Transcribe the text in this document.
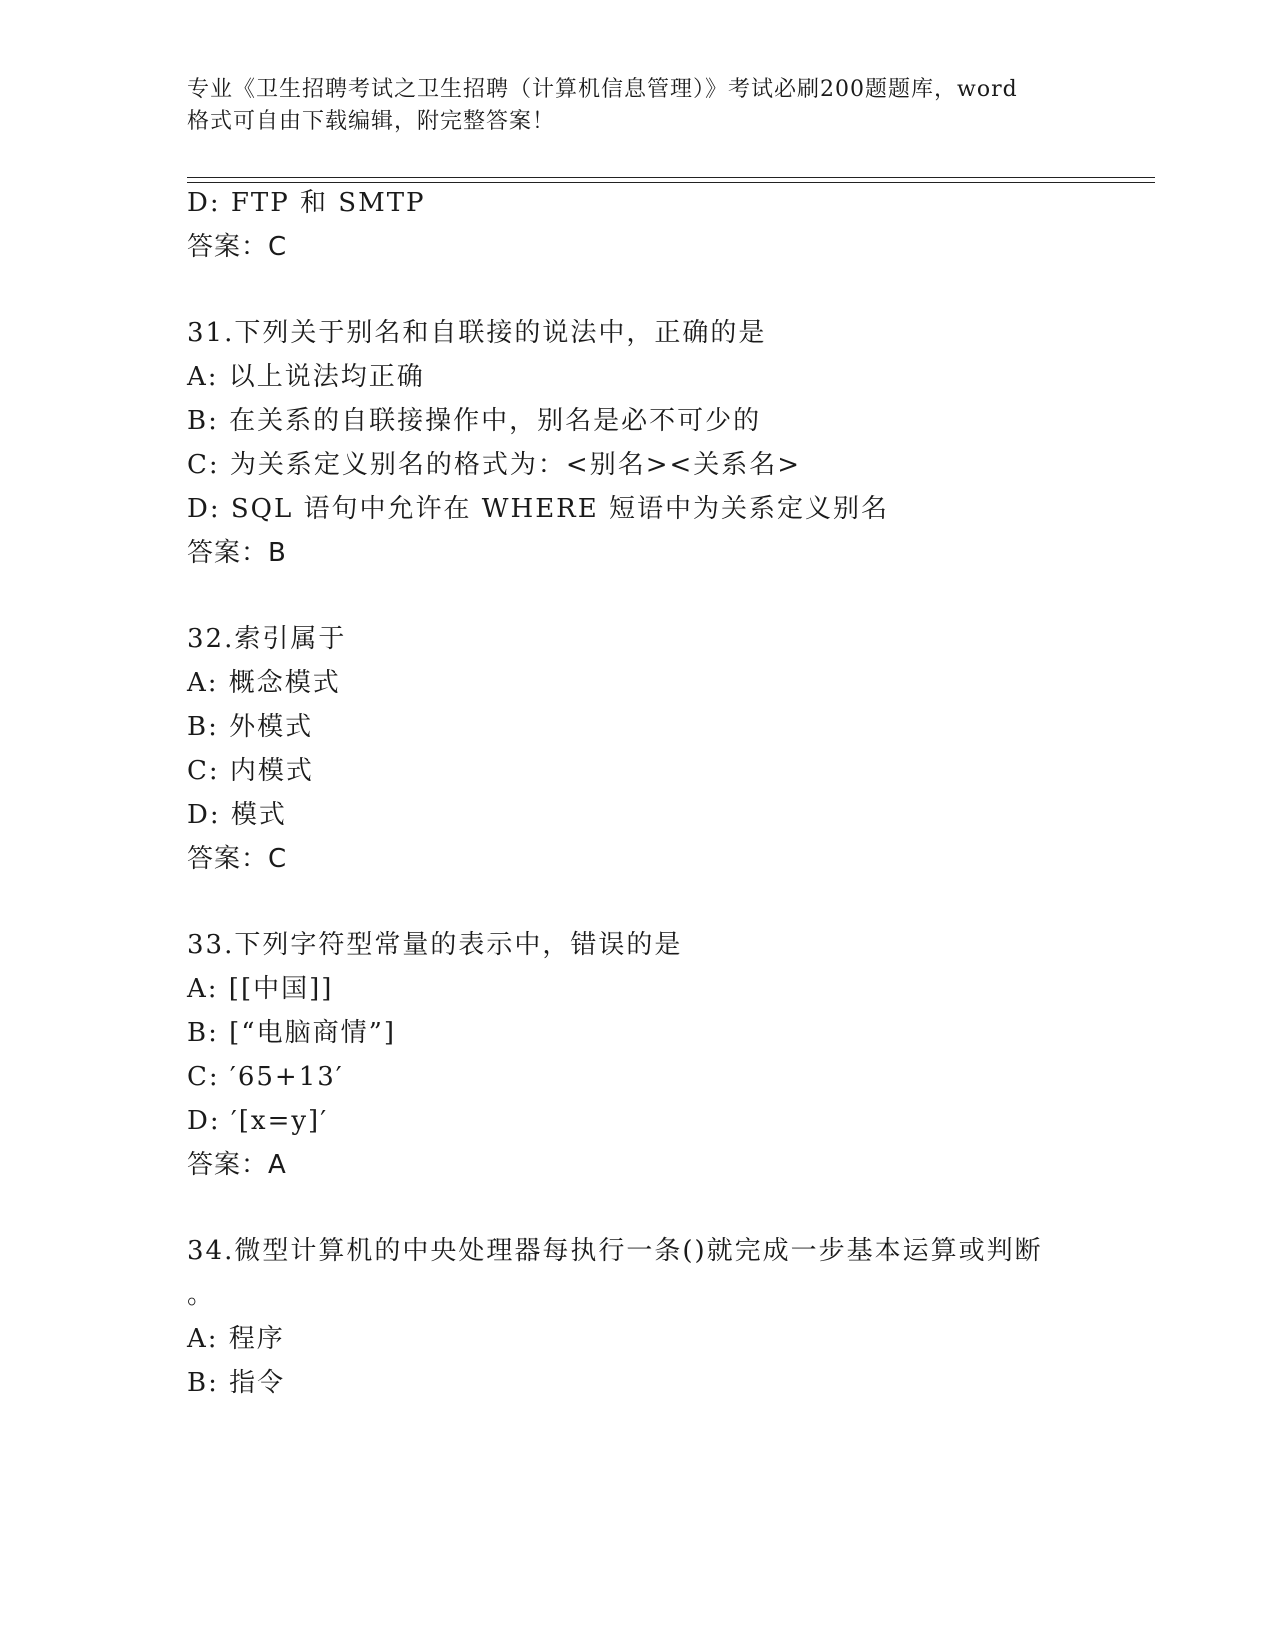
专业《卫生招聘考试之卫生招聘（计算机信息管理）》考试必刷200题题库，word
格式可自由下载编辑，附完整答案！
D: FTP 和 SMTP
答案：C
31.下列关于别名和自联接的说法中，正确的是
A: 以上说法均正确
B: 在关系的自联接操作中，别名是必不可少的
C: 为关系定义别名的格式为：<别名><关系名>
D: SQL 语句中允许在 WHERE 短语中为关系定义别名
答案：B
32.索引属于
A: 概念模式
B: 外模式
C: 内模式
D: 模式
答案：C
33.下列字符型常量的表示中，错误的是
A: [[中国]]
B: [“电脑商情”]
C: ′65+13′
D: ′[x=y]′
答案：A
34.微型计算机的中央处理器每执行一条()就完成一步基本运算或判断
。
A: 程序
B: 指令
